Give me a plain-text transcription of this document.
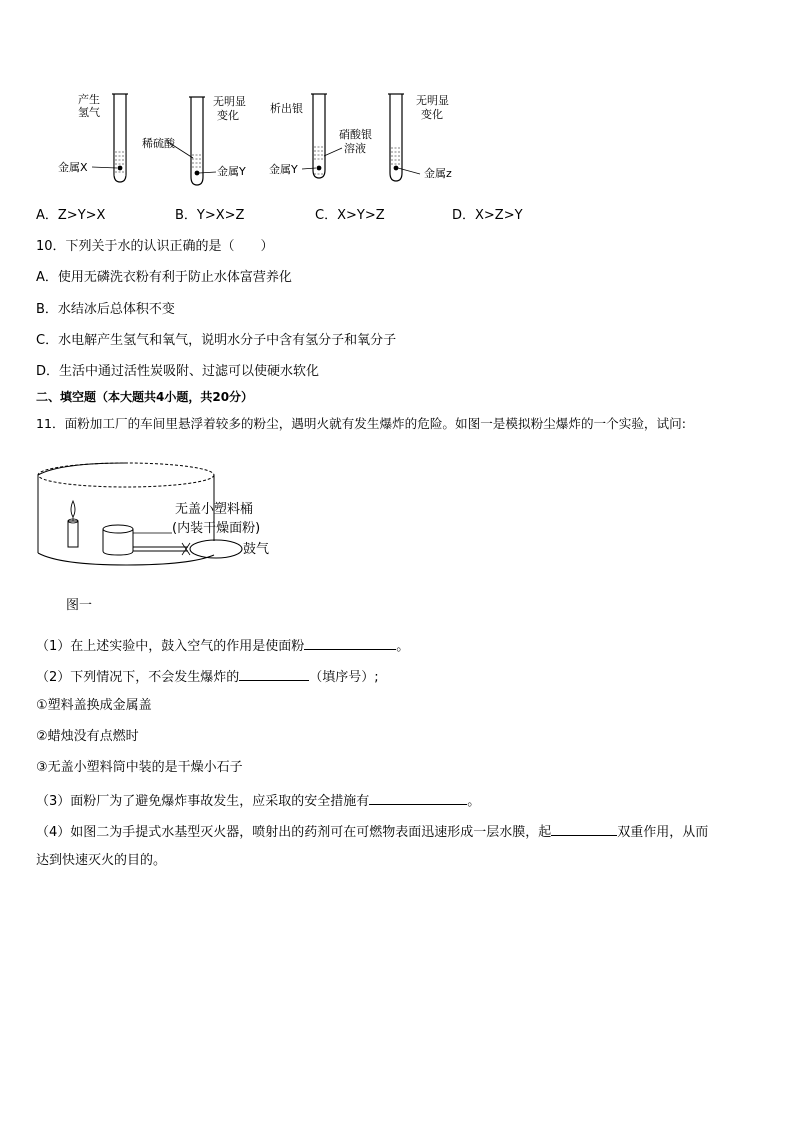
产生
氢气
金属X
稀硫酸
无明显
变化
金属Y
析出银
金属Y
硝酸银
溶液
无明显
变化
金属z
A．Z>Y>X	B．Y>X>Z	C．X>Y>Z	D．X>Z>Y
10．下列关于水的认识正确的是（　　）
A．使用无磷洗衣粉有利于防止水体富营养化
B．水结冰后总体积不变
C．水电解产生氢气和氧气，说明水分子中含有氢分子和氧分子
D．生活中通过活性炭吸附、过滤可以使硬水软化
二、填空题（本大题共4小题，共20分）
11．面粉加工厂的车间里悬浮着较多的粉尘，遇明火就有发生爆炸的危险。如图一是模拟粉尘爆炸的一个实验，试问:
无盖小塑料桶
(内装干燥面粉)
鼓气
图一
（1）在上述实验中，鼓入空气的作用是使面粉	。
（2）下列情况下，不会发生爆炸的	（填序号）;
①塑料盖换成金属盖
②蜡烛没有点燃时
③无盖小塑料筒中装的是干燥小石子
（3）面粉厂为了避免爆炸事故发生，应采取的安全措施有	。
（4）如图二为手提式水基型灭火器，喷射出的药剂可在可燃物表面迅速形成一层水膜，起	双重作用，从而
达到快速灭火的目的。
